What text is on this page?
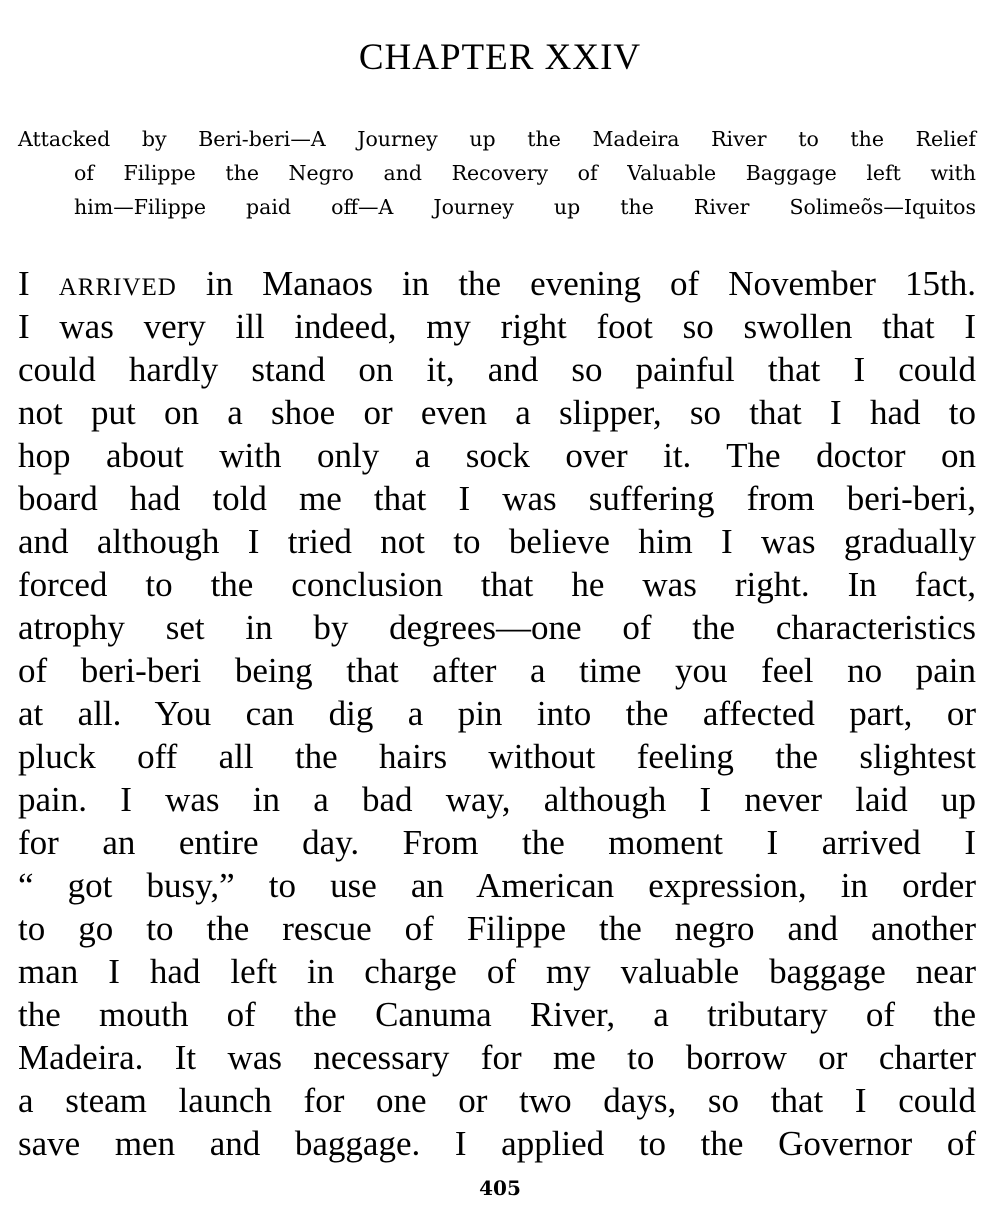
CHAPTER XXIV
Attacked by Beri-beri—A Journey up the Madeira River to the Relief
of Filippe the Negro and Recovery of Valuable Baggage left with
him—Filippe paid off—A Journey up the River Solimeõs—Iquitos
I arrived in Manaos in the evening of November 15th.
I was very ill indeed, my right foot so swollen that I
could hardly stand on it, and so painful that I could
not put on a shoe or even a slipper, so that I had to
hop about with only a sock over it. The doctor on
board had told me that I was suffering from beri-beri,
and although I tried not to believe him I was gradually
forced to the conclusion that he was right. In fact,
atrophy set in by degrees—one of the characteristics
of beri-beri being that after a time you feel no pain
at all. You can dig a pin into the affected part, or
pluck off all the hairs without feeling the slightest
pain. I was in a bad way, although I never laid up
for an entire day. From the moment I arrived I
“ got busy,” to use an American expression, in order
to go to the rescue of Filippe the negro and another
man I had left in charge of my valuable baggage near
the mouth of the Canuma River, a tributary of the
Madeira. It was necessary for me to borrow or charter
a steam launch for one or two days, so that I could
save men and baggage. I applied to the Governor of
405
